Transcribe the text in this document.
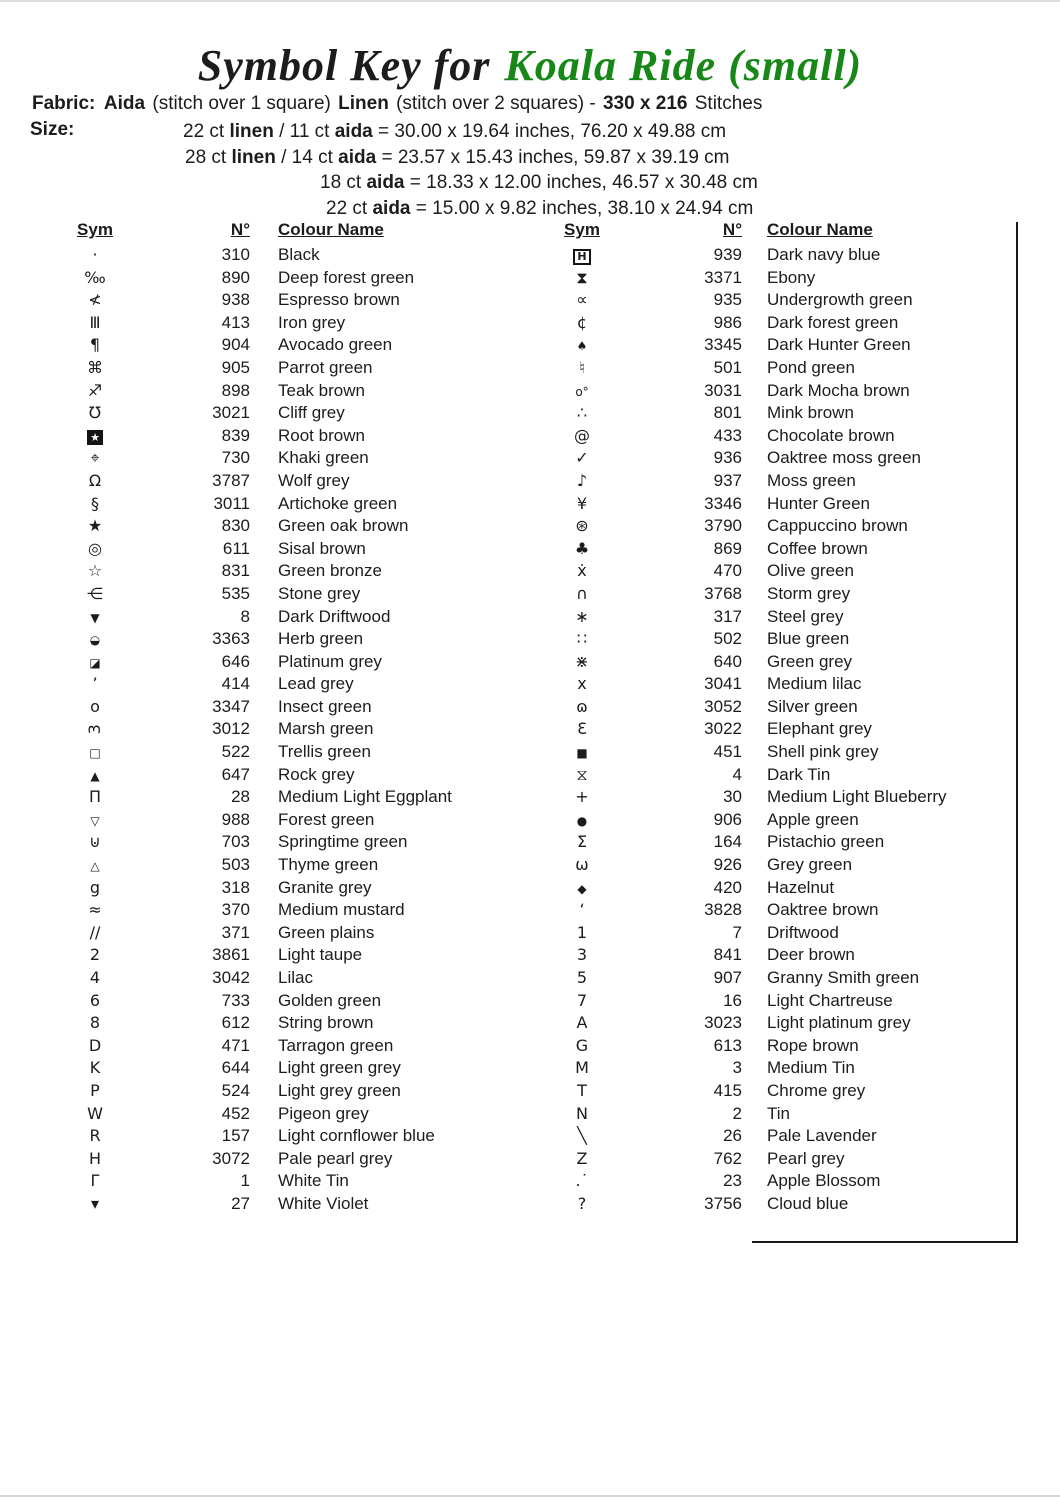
Symbol Key for Koala Ride (small)
Fabric: Aida (stitch over 1 square) Linen (stitch over 2 squares) - 330 x 216 Stitches
Size:	22 ct linen / 11 ct aida = 30.00 x 19.64 inches, 76.20 x 49.88 cm
28 ct linen / 14 ct aida = 23.57 x 15.43 inches, 59.87 x 39.19 cm
18 ct aida = 18.33 x 12.00 inches, 46.57 x 30.48 cm
22 ct aida = 15.00 x 9.82 inches, 38.10 x 24.94 cm
Sym	N°	Colour Name
·	310	Black
‰	890	Deep forest green
≮	938	Espresso brown
Ⅲ	413	Iron grey
¶	904	Avocado green
⌘	905	Parrot green
♐	898	Teak brown
℧	3021	Cliff grey
★	839	Root brown
⌖	730	Khaki green
Ω	3787	Wolf grey
§	3011	Artichoke green
★	830	Green oak brown
◎	611	Sisal brown
☆	831	Green bronze
⋲	535	Stone grey
▼	8	Dark Driftwood
◒	3363	Herb green
◪	646	Platinum grey
’	414	Lead grey
o	3347	Insect green
3	3012	Marsh green
□	522	Trellis green
▲	647	Rock grey
Π	28	Medium Light Eggplant
▽	988	Forest green
⊍	703	Springtime green
△	503	Thyme green
g	318	Granite grey
≈	370	Medium mustard
∕∕	371	Green plains
2	3861	Light taupe
4	3042	Lilac
6	733	Golden green
8	612	String brown
D	471	Tarragon green
K	644	Light green grey
P	524	Light grey green
W	452	Pigeon grey
R	157	Light cornflower blue
H	3072	Pale pearl grey
Γ	1	White Tin
▾	27	White Violet
Sym	N°	Colour Name
H	939	Dark navy blue
⧗	3371	Ebony
∝	935	Undergrowth green
¢	986	Dark forest green
♠	3345	Dark Hunter Green
♮	501	Pond green
o°	3031	Dark Mocha brown
∴	801	Mink brown
@	433	Chocolate brown
✓	936	Oaktree moss green
♪	937	Moss green
¥	3346	Hunter Green
⊛	3790	Cappuccino brown
♣	869	Coffee brown
ẋ	470	Olive green
∩	3768	Storm grey
∗	317	Steel grey
∷	502	Blue green
⋇	640	Green grey
x	3041	Medium lilac
ɷ	3052	Silver green
Ɛ	3022	Elephant grey
■	451	Shell pink grey
⧖	4	Dark Tin
+	30	Medium Light Blueberry
●	906	Apple green
Σ	164	Pistachio green
ω	926	Grey green
◆	420	Hazelnut
‘	3828	Oaktree brown
1	7	Driftwood
3	841	Deer brown
5	907	Granny Smith green
7	16	Light Chartreuse
A	3023	Light platinum grey
G	613	Rope brown
M	3	Medium Tin
T	415	Chrome grey
N	2	Tin
╲	26	Pale Lavender
Z	762	Pearl grey
.˙	23	Apple Blossom
?	3756	Cloud blue
